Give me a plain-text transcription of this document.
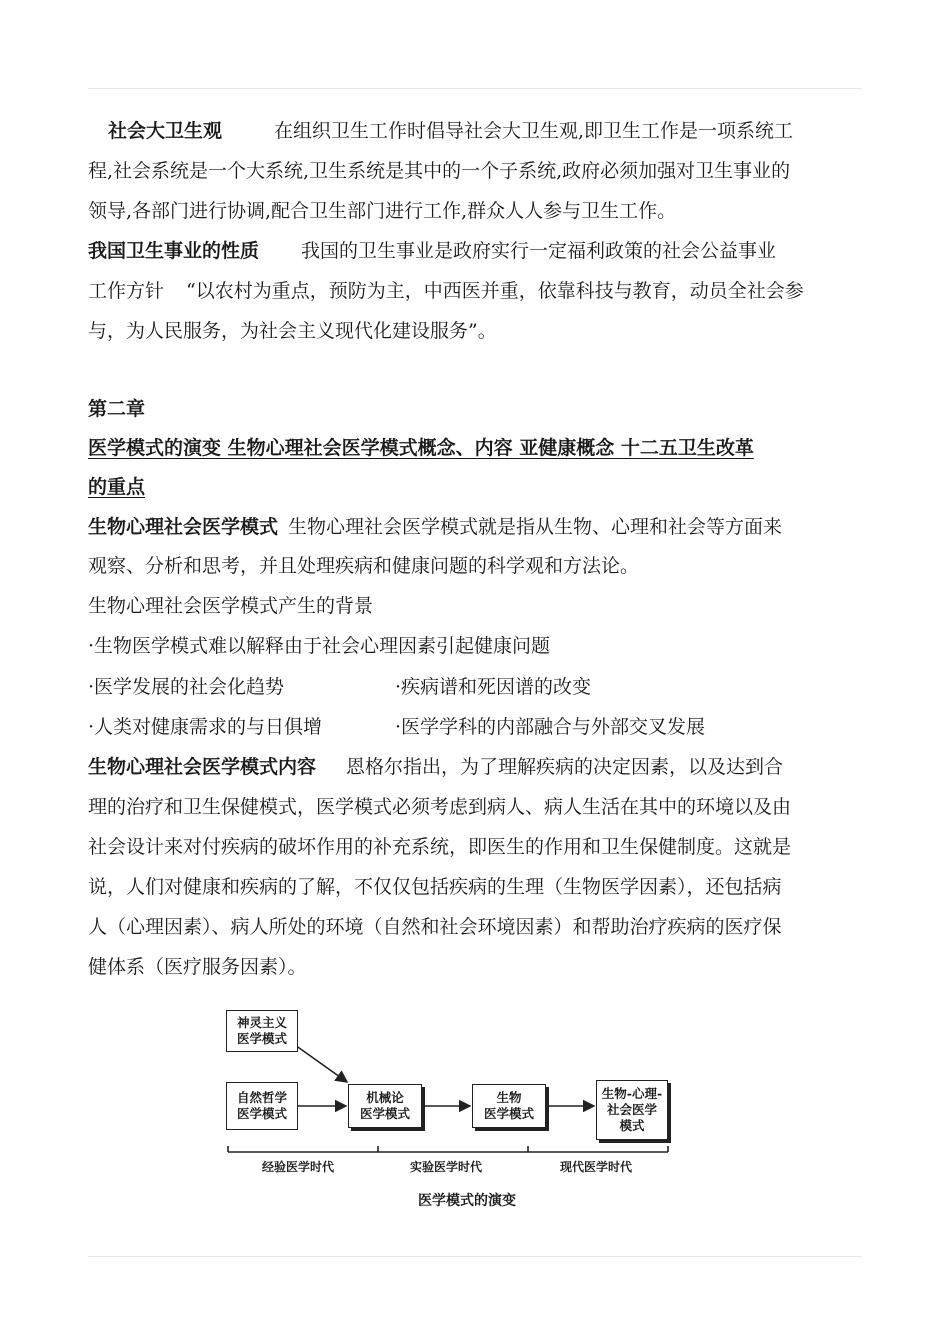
社会大卫生观	在组织卫生工作时倡导社会大卫生观,即卫生工作是一项系统工
程,社会系统是一个大系统,卫生系统是其中的一个子系统,政府必须加强对卫生事业的
领导,各部门进行协调,配合卫生部门进行工作,群众人人参与卫生工作。
我国卫生事业的性质 我国的卫生事业是政府实行一定福利政策的社会公益事业
工作方针 “以农村为重点，预防为主，中西医并重，依靠科技与教育，动员全社会参
与，为人民服务，为社会主义现代化建设服务”。
第二章
医学模式的演变 生物心理社会医学模式概念、内容 亚健康概念 十二五卫生改革
的重点
生物心理社会医学模式 生物心理社会医学模式就是指从生物、心理和社会等方面来
观察、分析和思考，并且处理疾病和健康问题的科学观和方法论。
生物心理社会医学模式产生的背景
·生物医学模式难以解释由于社会心理因素引起健康问题
·医学发展的社会化趋势	·疾病谱和死因谱的改变
·人类对健康需求的与日俱增	·医学学科的内部融合与外部交叉发展
生物心理社会医学模式内容 恩格尔指出，为了理解疾病的决定因素，以及达到合
理的治疗和卫生保健模式，医学模式必须考虑到病人、病人生活在其中的环境以及由
社会设计来对付疾病的破坏作用的补充系统，即医生的作用和卫生保健制度。这就是
说，人们对健康和疾病的了解，不仅仅包括疾病的生理（生物医学因素），还包括病
人（心理因素）、病人所处的环境（自然和社会环境因素）和帮助治疗疾病的医疗保
健体系（医疗服务因素）。
神灵主义
医学模式
自然哲学
医学模式
机械论
医学模式
生物
医学模式
生物-心理-
社会医学
模式
经验医学时代	实验医学时代	现代医学时代
医学模式的演变
